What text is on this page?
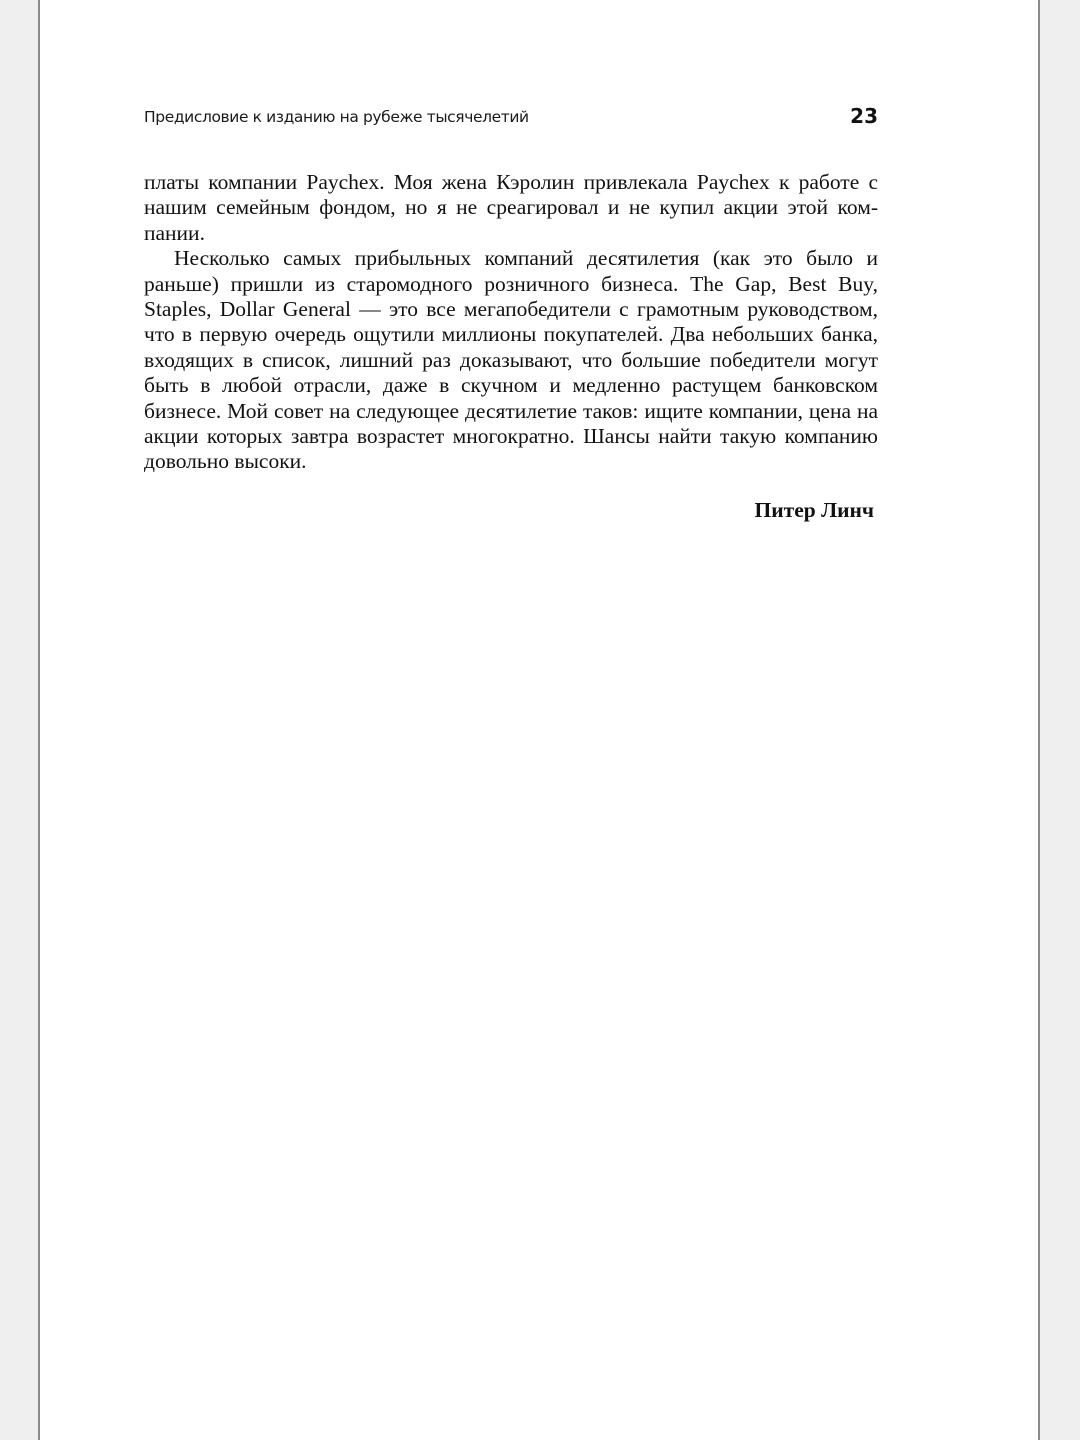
Предисловие к изданию на рубеже тысячелетий	23

платы компании Paychex. Моя жена Кэролин привлекала Paychex к работе с нашим семейным фондом, но я не среагировал и не купил акции этой компании.

Несколько самых прибыльных компаний десятилетия (как это было и раньше) пришли из старомодного розничного бизнеса. The Gap, Best Buy, Staples, Dollar General — это все мегапобедители с грамотным руководством, что в первую очередь ощутили миллионы покупателей. Два небольших банка, входящих в список, лишний раз доказывают, что большие победители могут быть в любой отрасли, даже в скучном и медленно растущем банковском бизнесе. Мой совет на следующее десятилетие таков: ищите компании, цена на акции которых завтра возрастет многократно. Шансы найти такую компанию довольно высоки.

Питер Линч
